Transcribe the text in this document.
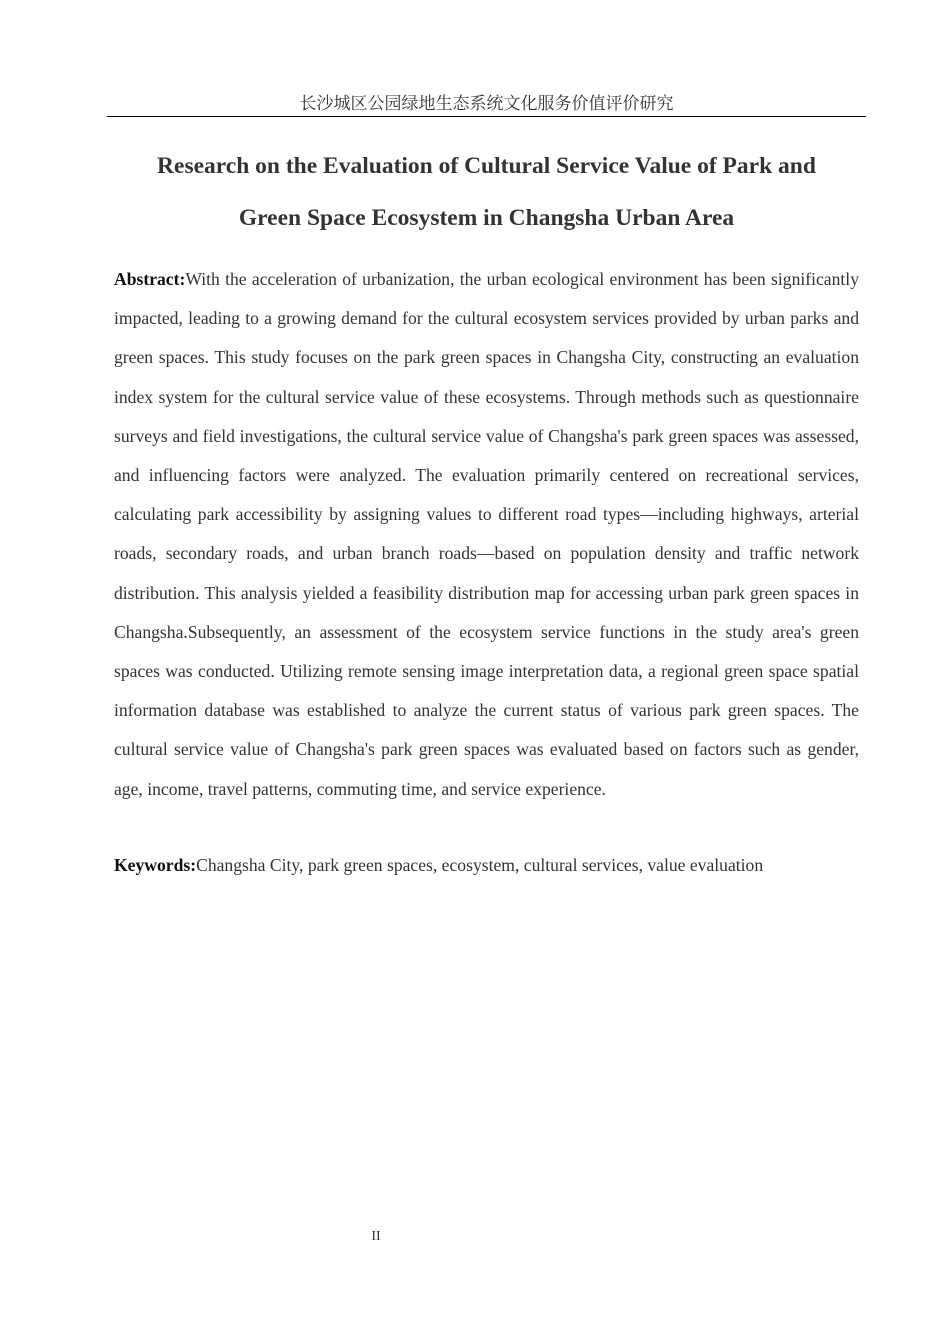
长沙城区公园绿地生态系统文化服务价值评价研究
Research on the Evaluation of Cultural Service Value of Park and
Green Space Ecosystem in Changsha Urban Area

Abstract:With the acceleration of urbanization, the urban ecological environment has been significantly impacted, leading to a growing demand for the cultural ecosystem services provided by urban parks and green spaces. This study focuses on the park green spaces in Changsha City, constructing an evaluation index system for the cultural service value of these ecosystems. Through methods such as questionnaire surveys and field investigations, the cultural service value of Changsha's park green spaces was assessed, and influencing factors were analyzed. The evaluation primarily centered on recreational services, calculating park accessibility by assigning values to different road types—including highways, arterial roads, secondary roads, and urban branch roads—based on population density and traffic network distribution. This analysis yielded a feasibility distribution map for accessing urban park green spaces in Changsha.Subsequently, an assessment of the ecosystem service functions in the study area's green spaces was conducted. Utilizing remote sensing image interpretation data, a regional green space spatial information database was established to analyze the current status of various park green spaces. The cultural service value of Changsha's park green spaces was evaluated based on factors such as gender, age, income, travel patterns, commuting time, and service experience.

Keywords:Changsha City, park green spaces, ecosystem, cultural services, value evaluation

II
